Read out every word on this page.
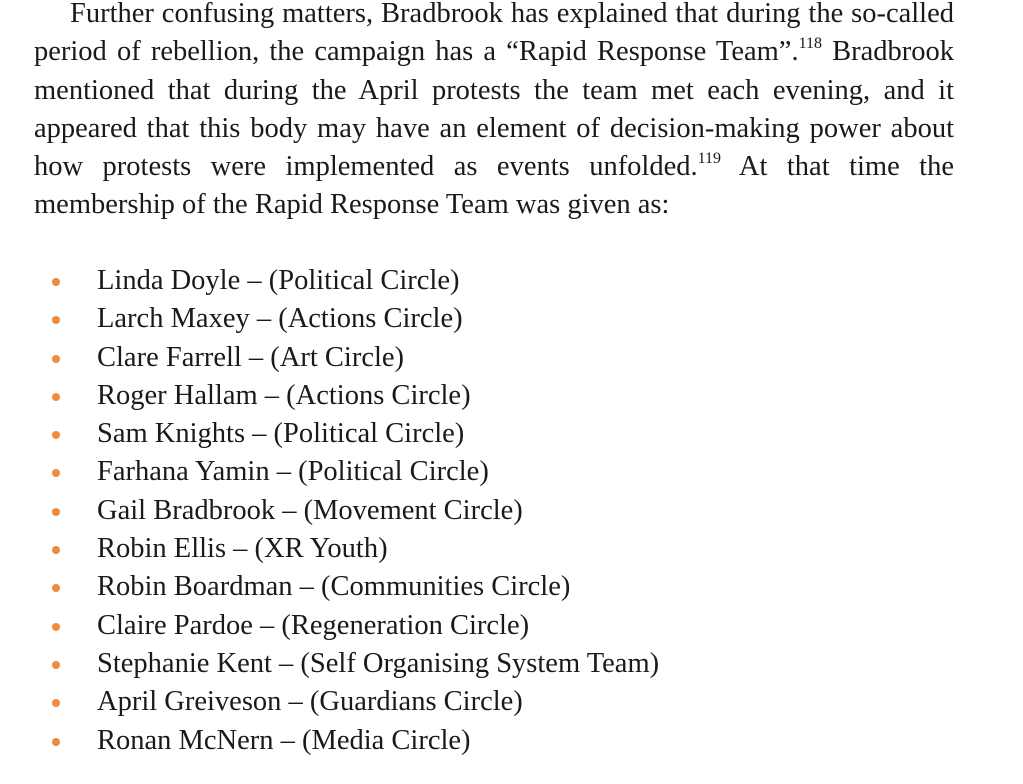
Further confusing matters, Bradbrook has explained that during the so-called period of rebellion, the campaign has a “Rapid Response Team”.$^{118}$ Bradbrook mentioned that during the April protests the team met each evening, and it appeared that this body may have an element of decision-making power about how protests were implemented as events unfolded.$^{119}$ At that time the membership of the Rapid Response Team was given as:

Linda Doyle – (Political Circle)
Larch Maxey – (Actions Circle)
Clare Farrell – (Art Circle)
Roger Hallam – (Actions Circle)
Sam Knights – (Political Circle)
Farhana Yamin – (Political Circle)
Gail Bradbrook – (Movement Circle)
Robin Ellis – (XR Youth)
Robin Boardman – (Communities Circle)
Claire Pardoe – (Regeneration Circle)
Stephanie Kent – (Self Organising System Team)
April Greiveson – (Guardians Circle)
Ronan McNern – (Media Circle)
